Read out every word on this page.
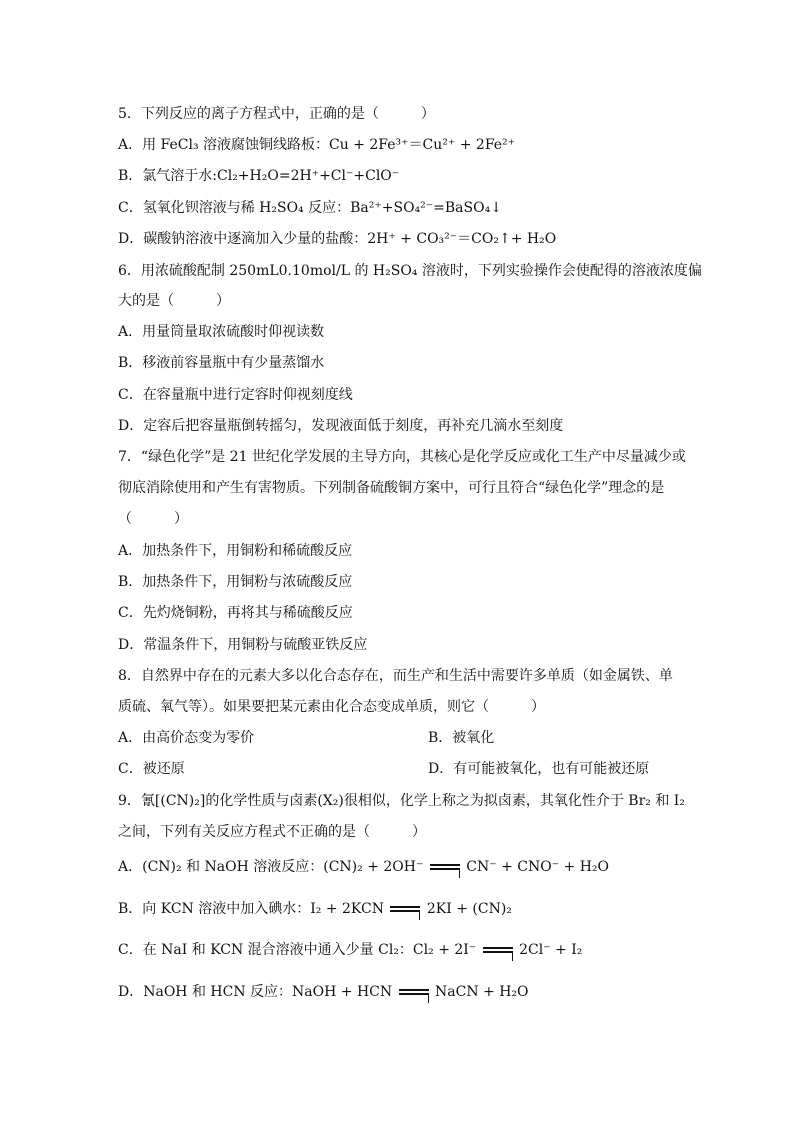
5．下列反应的离子方程式中，正确的是（　　　）
A．用 FeCl₃ 溶液腐蚀铜线路板：Cu + 2Fe³⁺＝Cu²⁺ + 2Fe²⁺
B．氯气溶于水:Cl₂+H₂O=2H⁺+Cl⁻+ClO⁻
C．氢氧化钡溶液与稀 H₂SO₄ 反应：Ba²⁺+SO₄²⁻=BaSO₄↓
D．碳酸钠溶液中逐滴加入少量的盐酸：2H⁺ + CO₃²⁻＝CO₂↑+ H₂O
6．用浓硫酸配制 250mL0.10mol/L 的 H₂SO₄ 溶液时，下列实验操作会使配得的溶液浓度偏
大的是（　　　）
A．用量筒量取浓硫酸时仰视读数
B．移液前容量瓶中有少量蒸馏水
C．在容量瓶中进行定容时仰视刻度线
D．定容后把容量瓶倒转摇匀，发现液面低于刻度，再补充几滴水至刻度
7．“绿色化学”是 21 世纪化学发展的主导方向，其核心是化学反应或化工生产中尽量减少或
彻底消除使用和产生有害物质。下列制备硫酸铜方案中，可行且符合“绿色化学”理念的是
（　　　）
A．加热条件下，用铜粉和稀硫酸反应
B．加热条件下，用铜粉与浓硫酸反应
C．先灼烧铜粉，再将其与稀硫酸反应
D．常温条件下，用铜粉与硫酸亚铁反应
8．自然界中存在的元素大多以化合态存在，而生产和生活中需要许多单质（如金属铁、单
质硫、氧气等）。如果要把某元素由化合态变成单质，则它（　　　）
A．由高价态变为零价	B．被氧化
C．被还原	D．有可能被氧化，也有可能被还原
9．氰[(CN)₂]的化学性质与卤素(X₂)很相似，化学上称之为拟卤素，其氧化性介于 Br₂ 和 I₂
之间，下列有关反应方程式不正确的是（　　　）
A．(CN)₂ 和 NaOH 溶液反应：(CN)₂ + 2OH⁻	CN⁻ + CNO⁻ + H₂O
B．向 KCN 溶液中加入碘水：I₂ + 2KCN	2KI + (CN)₂
C．在 NaI 和 KCN 混合溶液中通入少量 Cl₂：Cl₂ + 2I⁻	2Cl⁻ + I₂
D．NaOH 和 HCN 反应：NaOH + HCN	NaCN + H₂O
